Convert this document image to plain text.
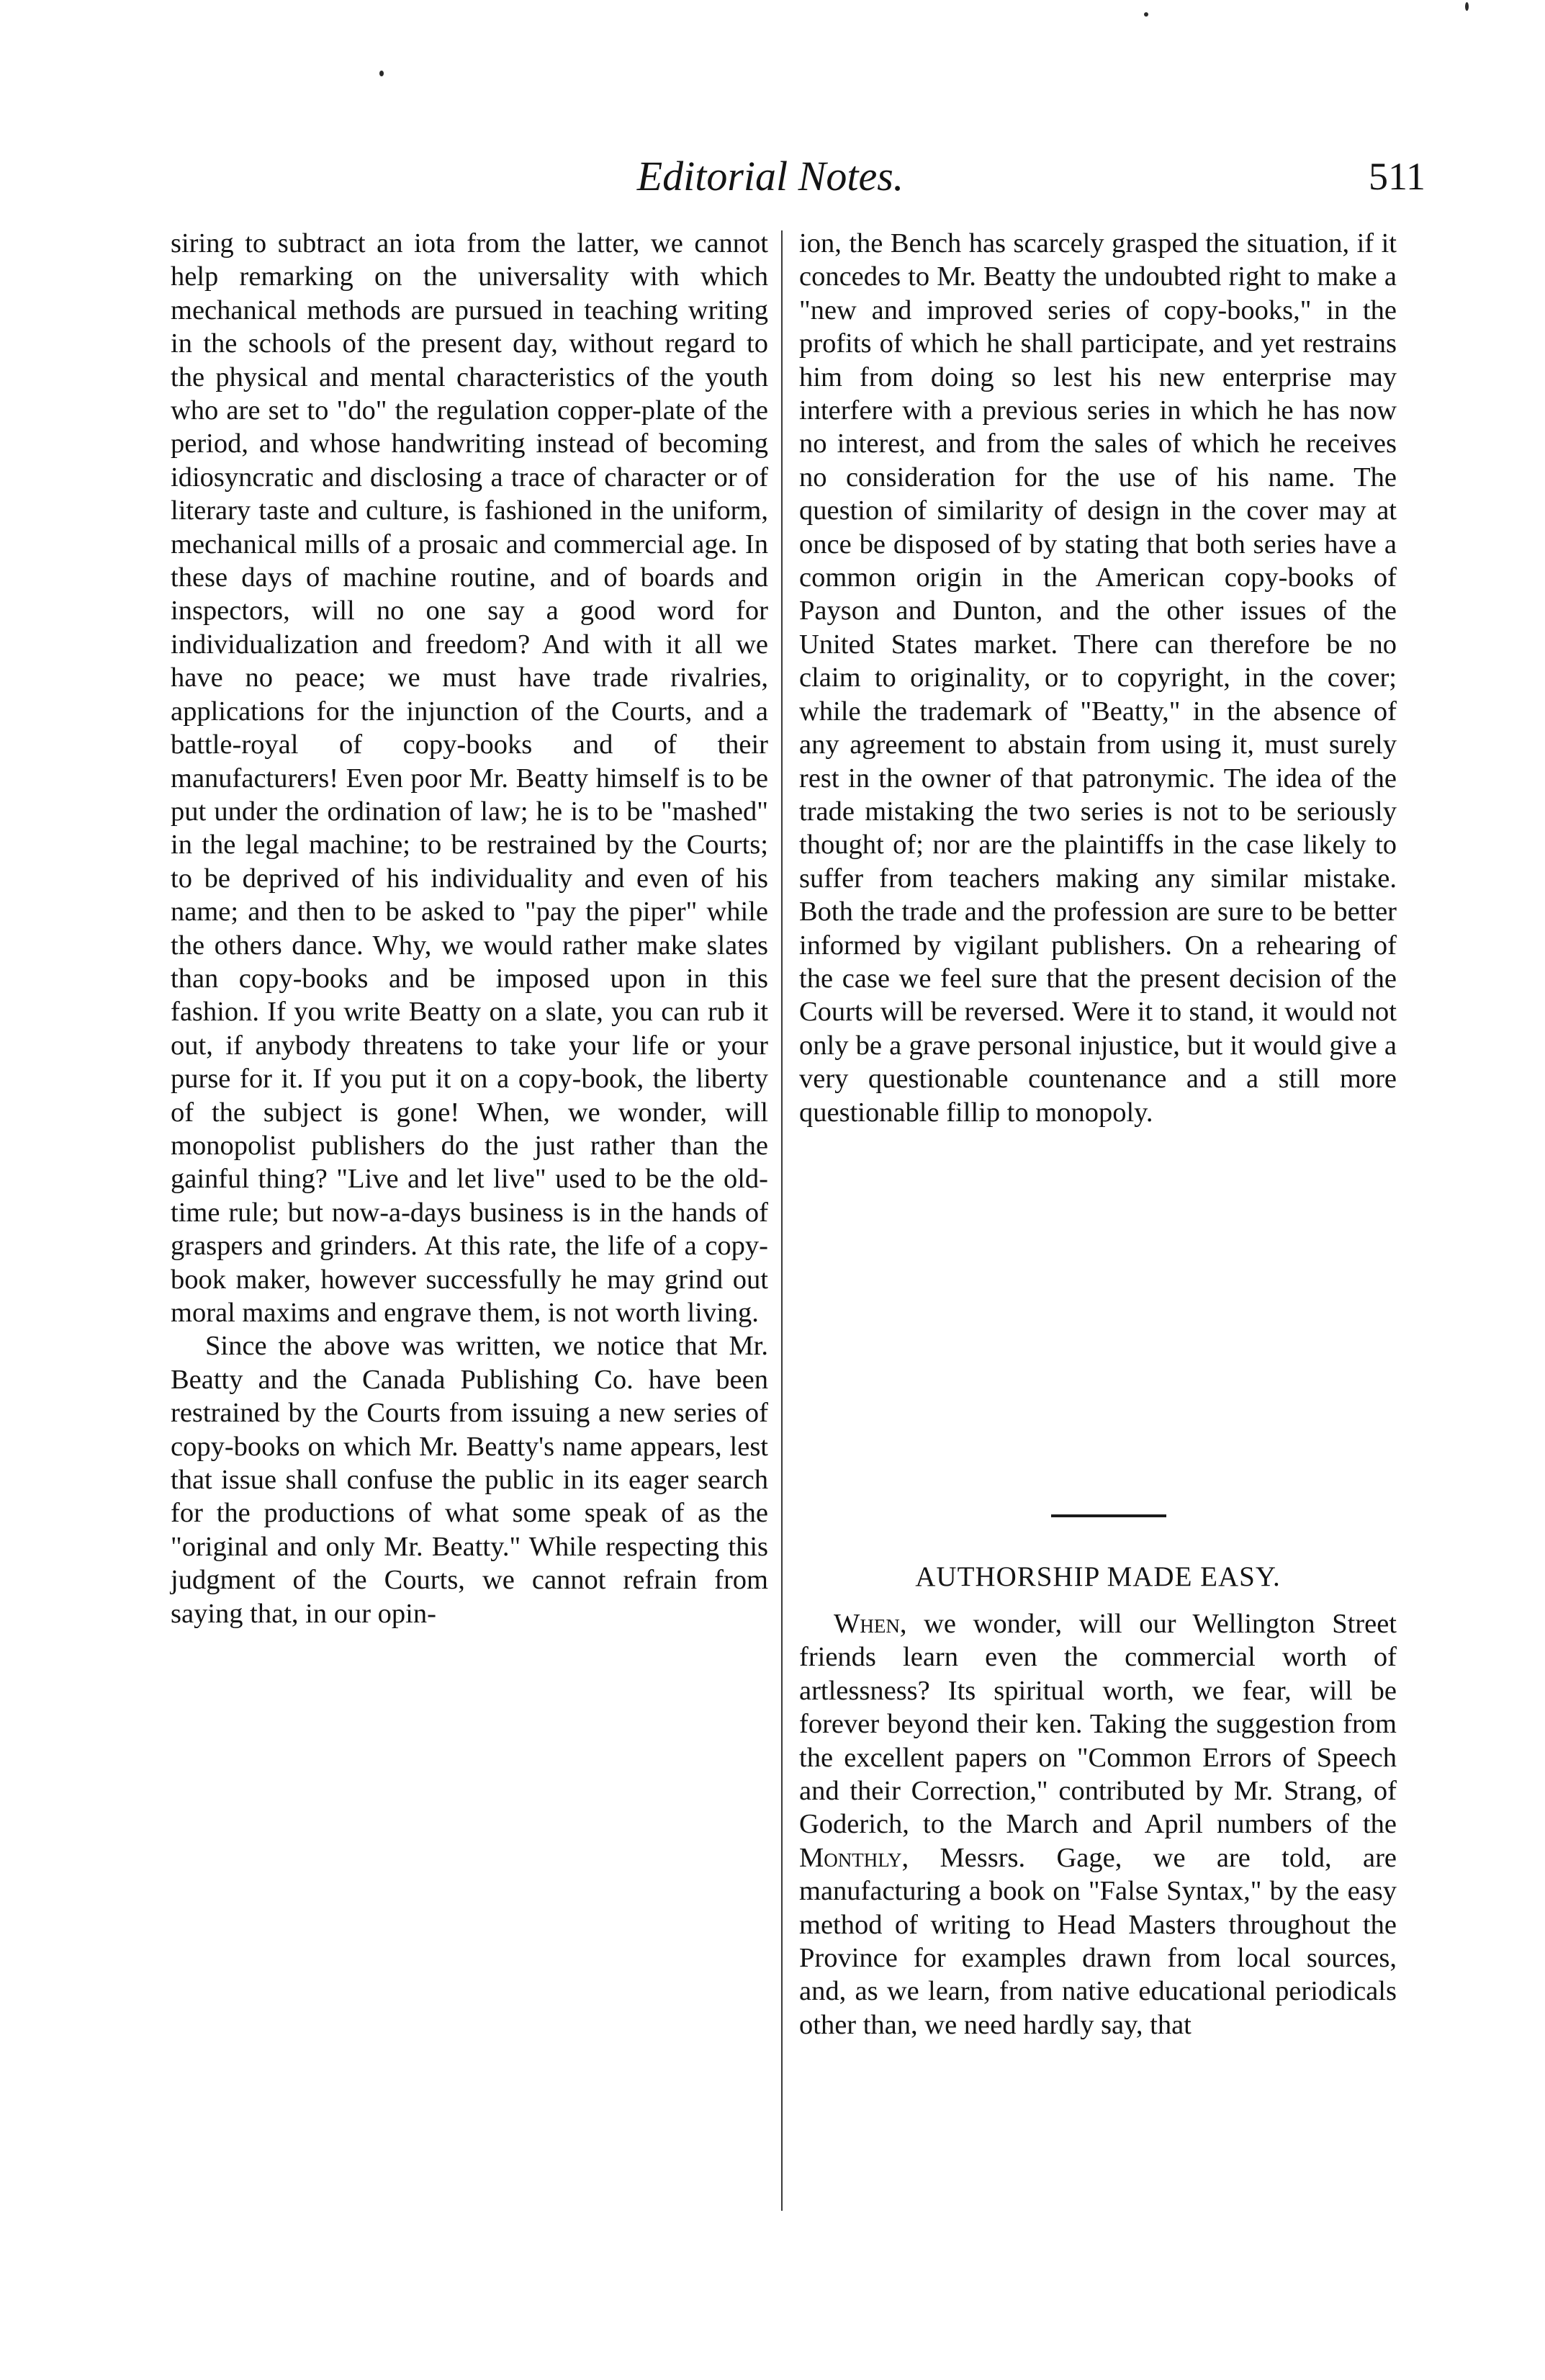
Editorial Notes.	511

siring to subtract an iota from the latter, we cannot help remarking on the universality with which mechanical methods are pursued in teaching writing in the schools of the present day, without regard to the physical and mental characteristics of the youth who are set to "do" the regulation copper-plate of the period, and whose handwriting instead of becoming idiosyncratic and disclosing a trace of character or of literary taste and culture, is fashioned in the uniform, mechanical mills of a prosaic and commercial age. In these days of machine routine, and of boards and inspectors, will no one say a good word for individualization and freedom? And with it all we have no peace; we must have trade rivalries, applications for the injunction of the Courts, and a battle-royal of copy-books and of their manufacturers! Even poor Mr. Beatty himself is to be put under the ordination of law; he is to be "mashed" in the legal machine; to be restrained by the Courts; to be deprived of his individuality and even of his name; and then to be asked to "pay the piper" while the others dance. Why, we would rather make slates than copy-books and be imposed upon in this fashion. If you write Beatty on a slate, you can rub it out, if anybody threatens to take your life or your purse for it. If you put it on a copy-book, the liberty of the subject is gone! When, we wonder, will monopolist publishers do the just rather than the gainful thing? "Live and let live" used to be the old-time rule; but now-a-days business is in the hands of graspers and grinders. At this rate, the life of a copy-book maker, however successfully he may grind out moral maxims and engrave them, is not worth living.

Since the above was written, we notice that Mr. Beatty and the Canada Publishing Co. have been restrained by the Courts from issuing a new series of copy-books on which Mr. Beatty's name appears, lest that issue shall confuse the public in its eager search for the productions of what some speak of as the "original and only Mr. Beatty." While respecting this judgment of the Courts, we cannot refrain from saying that, in our opin-

ion, the Bench has scarcely grasped the situation, if it concedes to Mr. Beatty the undoubted right to make a "new and improved series of copy-books," in the profits of which he shall participate, and yet restrains him from doing so lest his new enterprise may interfere with a previous series in which he has now no interest, and from the sales of which he receives no consideration for the use of his name. The question of similarity of design in the cover may at once be disposed of by stating that both series have a common origin in the American copy-books of Payson and Dunton, and the other issues of the United States market. There can therefore be no claim to originality, or to copyright, in the cover; while the trademark of "Beatty," in the absence of any agreement to abstain from using it, must surely rest in the owner of that patronymic. The idea of the trade mistaking the two series is not to be seriously thought of; nor are the plaintiffs in the case likely to suffer from teachers making any similar mistake. Both the trade and the profession are sure to be better informed by vigilant publishers. On a rehearing of the case we feel sure that the present decision of the Courts will be reversed. Were it to stand, it would not only be a grave personal injustice, but it would give a very questionable countenance and a still more questionable fillip to monopoly.

AUTHORSHIP MADE EASY.

When, we wonder, will our Wellington Street friends learn even the commercial worth of artlessness? Its spiritual worth, we fear, will be forever beyond their ken. Taking the suggestion from the excellent papers on "Common Errors of Speech and their Correction," contributed by Mr. Strang, of Goderich, to the March and April numbers of the Monthly, Messrs. Gage, we are told, are manufacturing a book on "False Syntax," by the easy method of writing to Head Masters throughout the Province for examples drawn from local sources, and, as we learn, from native educational periodicals other than, we need hardly say, that
